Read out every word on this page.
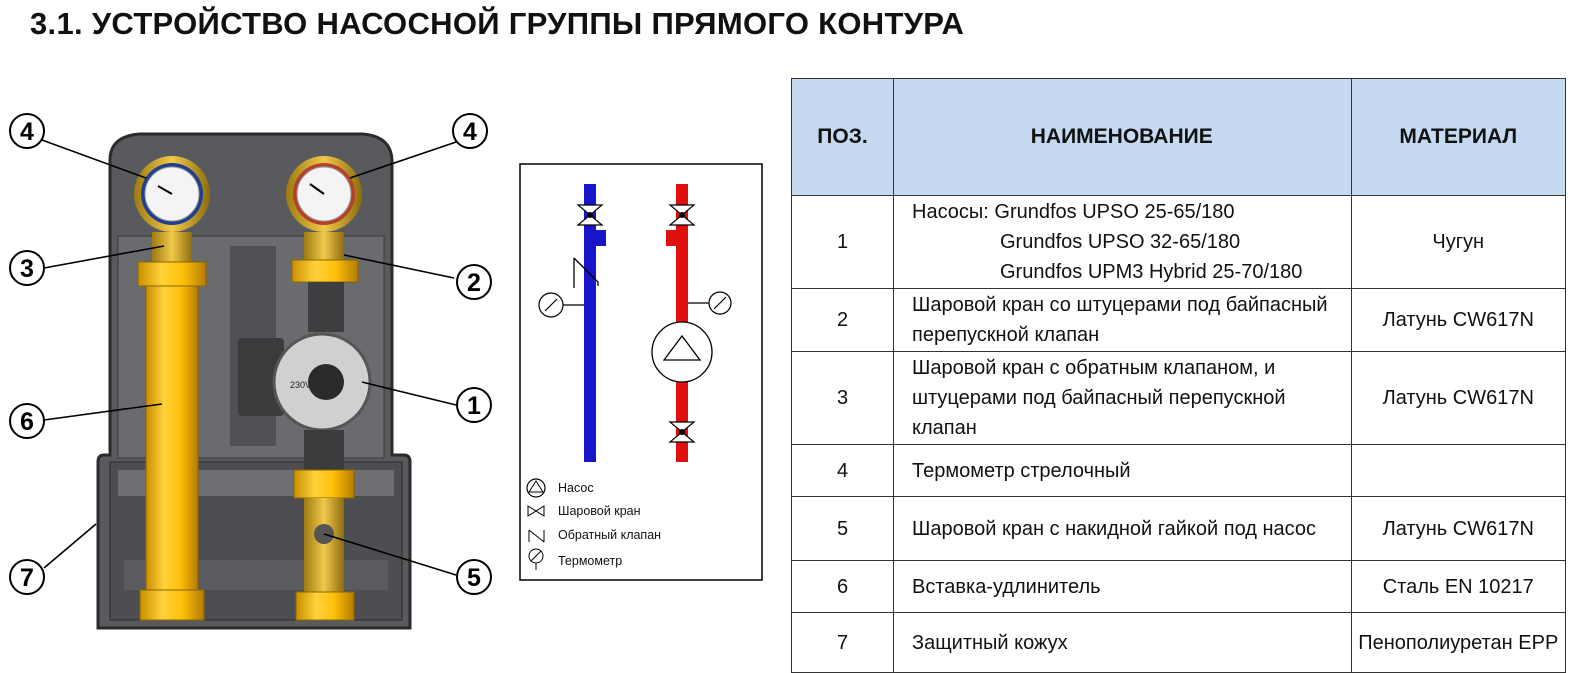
3.1. УСТРОЙСТВО НАСОСНОЙ ГРУППЫ ПРЯМОГО КОНТУРА
230V
4	4
3	2
1
6
7	5
Насос
Шаровой кран
Обратный клапан
Термометр
ПОЗ.	НАИМЕНОВАНИЕ	МАТЕРИАЛ
1	Насосы: Grundfos UPSO 25-65/180
Grundfos UPSO 32-65/180
Grundfos UPM3 Hybrid 25-70/180	Чугун
2	Шаровой кран со штуцерами под байпасный перепускной клапан	Латунь CW617N
3	Шаровой кран с обратным клапаном, и штуцерами под байпасный перепускной клапан	Латунь CW617N
4	Термометр стрелочный	
5	Шаровой кран с накидной гайкой под насос	Латунь CW617N
6	Вставка-удлинитель	Сталь EN 10217
7	Защитный кожух	Пенополиуретан EPP
